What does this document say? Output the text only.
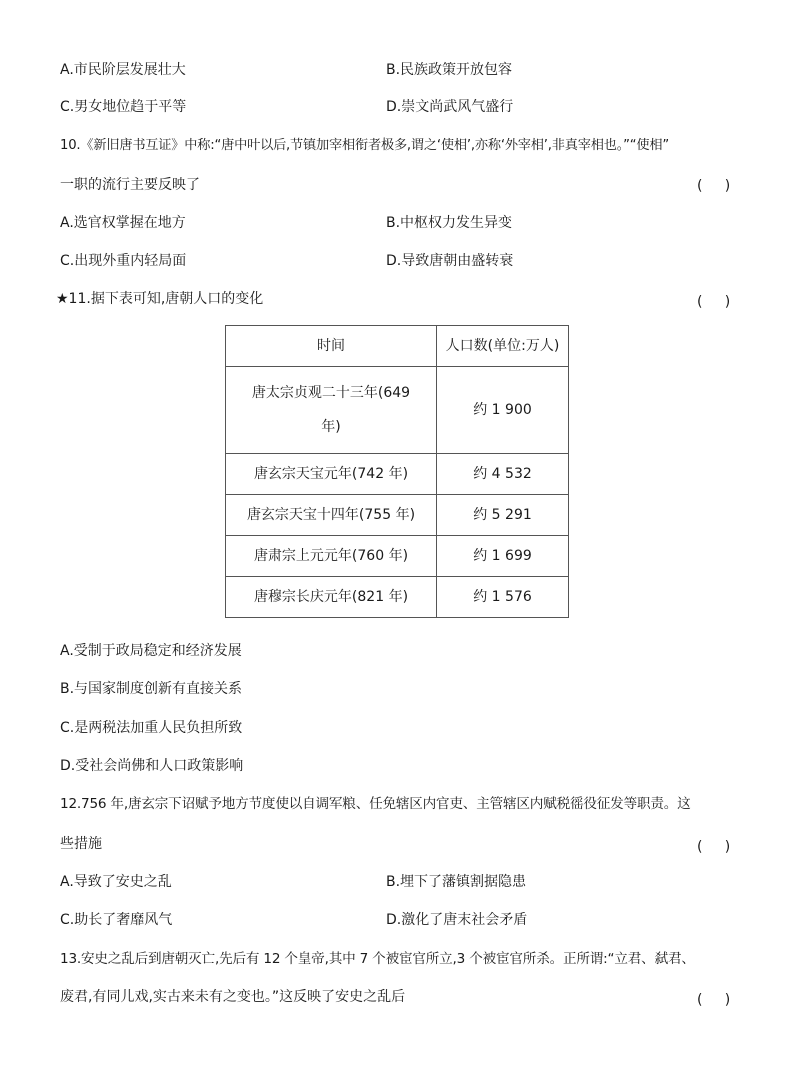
A.市民阶层发展壮大	B.民族政策开放包容
C.男女地位趋于平等	D.崇文尚武风气盛行
10.《新旧唐书互证》中称:“唐中叶以后,节镇加宰相衔者极多,谓之‘使相’,亦称‘外宰相’,非真宰相也。”“使相”
一职的流行主要反映了	(     )
A.选官权掌握在地方	B.中枢权力发生异变
C.出现外重内轻局面	D.导致唐朝由盛转衰
★11.据下表可知,唐朝人口的变化	(     )
时间	人口数(单位:万人)
唐太宗贞观二十三年(649年)	约 1 900
唐玄宗天宝元年(742 年)	约 4 532
唐玄宗天宝十四年(755 年)	约 5 291
唐肃宗上元元年(760 年)	约 1 699
唐穆宗长庆元年(821 年)	约 1 576
A.受制于政局稳定和经济发展
B.与国家制度创新有直接关系
C.是两税法加重人民负担所致
D.受社会尚佛和人口政策影响
12.756 年,唐玄宗下诏赋予地方节度使以自调军粮、任免辖区内官吏、主管辖区内赋税徭役征发等职责。这
些措施	(     )
A.导致了安史之乱	B.埋下了藩镇割据隐患
C.助长了奢靡风气	D.激化了唐末社会矛盾
13.安史之乱后到唐朝灭亡,先后有 12 个皇帝,其中 7 个被宦官所立,3 个被宦官所杀。正所谓:“立君、弑君、
废君,有同儿戏,实古来未有之变也。”这反映了安史之乱后	(     )
